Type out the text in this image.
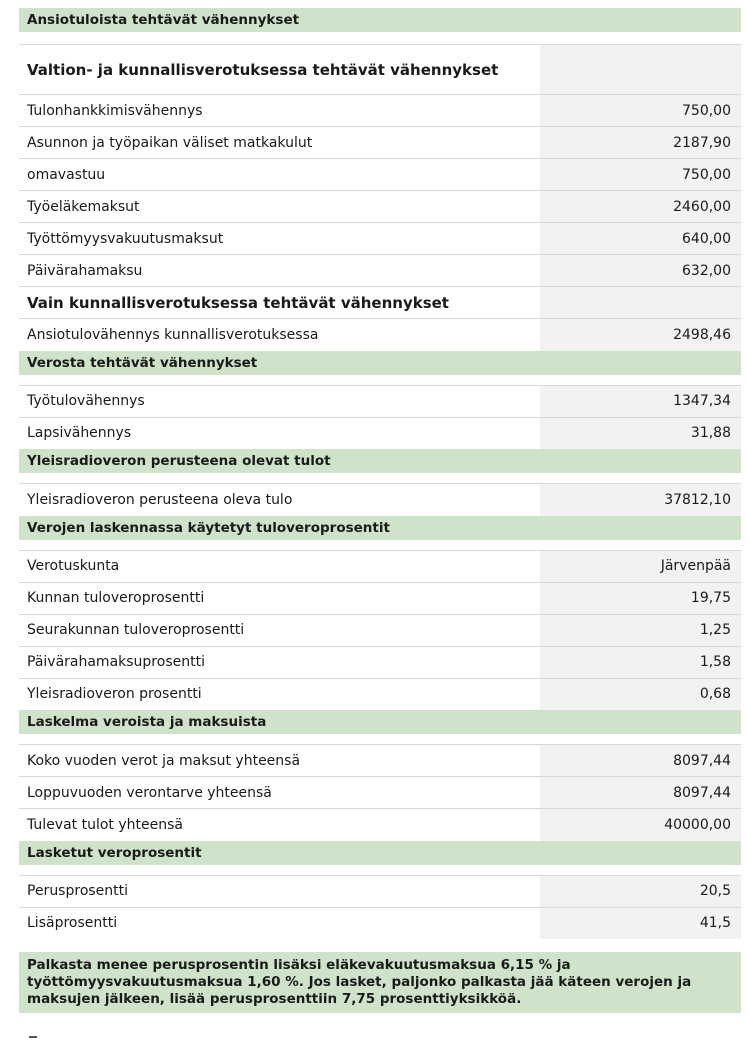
Ansiotuloista tehtävät vähennykset
Valtion- ja kunnallisverotuksessa tehtävät vähennykset	
Tulonhankkimisvähennys	750,00
Asunnon ja työpaikan väliset matkakulut	2187,90
omavastuu	750,00
Työeläkemaksut	2460,00
Työttömyysvakuutusmaksut	640,00
Päivärahamaksu	632,00
Vain kunnallisverotuksessa tehtävät vähennykset	
Ansiotulovähennys kunnallisverotuksessa	2498,46
Verosta tehtävät vähennykset
Työtulovähennys	1347,34
Lapsivähennys	31,88
Yleisradioveron perusteena olevat tulot
Yleisradioveron perusteena oleva tulo	37812,10
Verojen laskennassa käytetyt tuloveroprosentit
Verotuskunta	Järvenpää
Kunnan tuloveroprosentti	19,75
Seurakunnan tuloveroprosentti	1,25
Päivärahamaksuprosentti	1,58
Yleisradioveron prosentti	0,68
Laskelma veroista ja maksuista
Koko vuoden verot ja maksut yhteensä	8097,44
Loppuvuoden verontarve yhteensä	8097,44
Tulevat tulot yhteensä	40000,00
Lasketut veroprosentit
Perusprosentti	20,5
Lisäprosentti	41,5
Palkasta menee perusprosentin lisäksi eläkevakuutusmaksua 6,15 % ja työttömyysvakuutusmaksua 1,60 %. Jos lasket, paljonko palkasta jää käteen verojen ja maksujen jälkeen, lisää perusprosenttiin 7,75 prosenttiyksikköä.
